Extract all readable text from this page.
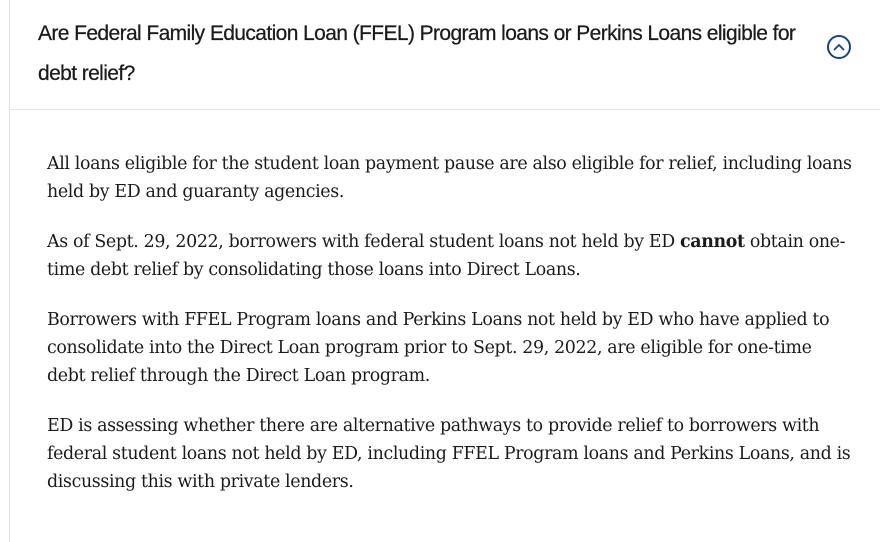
Are Federal Family Education Loan (FFEL) Program loans or Perkins Loans eligible for debt relief?

All loans eligible for the student loan payment pause are also eligible for relief, including loans held by ED and guaranty agencies.

As of Sept. 29, 2022, borrowers with federal student loans not held by ED cannot obtain one-time debt relief by consolidating those loans into Direct Loans.

Borrowers with FFEL Program loans and Perkins Loans not held by ED who have applied to consolidate into the Direct Loan program prior to Sept. 29, 2022, are eligible for one-time debt relief through the Direct Loan program.

ED is assessing whether there are alternative pathways to provide relief to borrowers with federal student loans not held by ED, including FFEL Program loans and Perkins Loans, and is discussing this with private lenders.
